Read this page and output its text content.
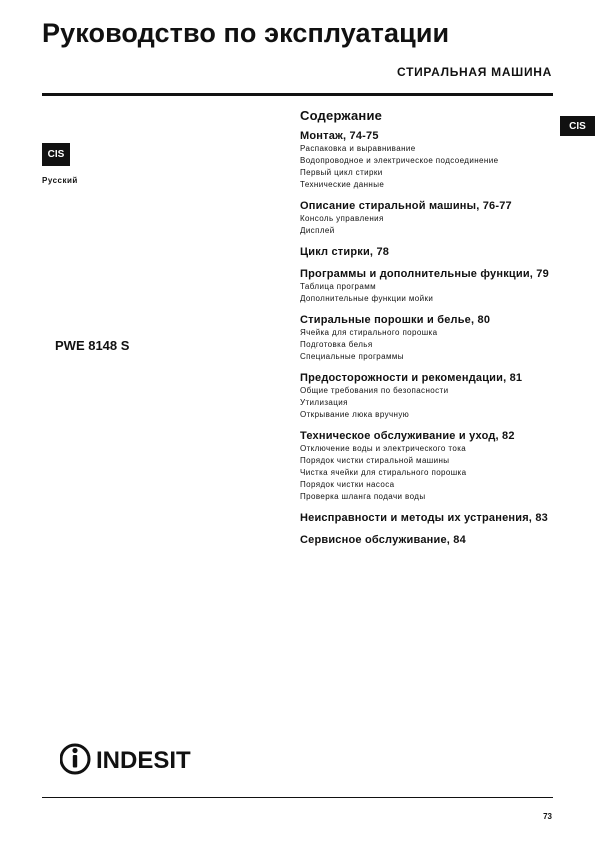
Руководство по эксплуатации
СТИРАЛЬНАЯ МАШИНА
CIS
CIS
Русский
PWE 8148 S
Содержание
Монтаж, 74-75
Распаковка и выравнивание
Водопроводное и электрическое подсоединение
Первый цикл стирки
Технические данные
Описание стиральной машины, 76-77
Консоль управления
Дисплей
Цикл стирки, 78
Программы и дополнительные функции, 79
Таблица программ
Дополнительные функции мойки
Стиральные порошки и белье, 80
Ячейка для стирального порошка
Подготовка белья
Специальные программы
Предосторожности и рекомендации, 81
Общие требования по безопасности
Утилизация
Открывание люка вручную
Техническое обслуживание и уход, 82
Отключение воды и электрического тока
Порядок чистки стиральной машины
Чистка ячейки для стирального порошка
Порядок чистки насоса
Проверка шланга подачи воды
Неисправности и методы их устранения, 83
Сервисное обслуживание, 84
INDESIT
73
